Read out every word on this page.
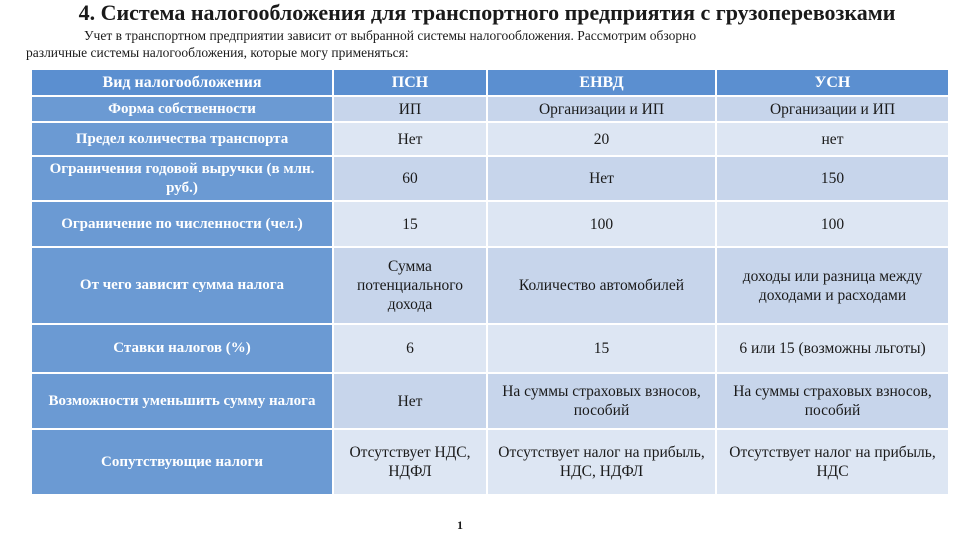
4. Система налогообложения для транспортного предприятия с грузоперевозками
Учет в транспортном предприятии зависит от выбранной системы налогообложения. Рассмотрим обзорно
различные системы налогообложения, которые могу применяться:
Вид налогообложения	ПСН	ЕНВД	УСН
Форма собственности	ИП	Организации и ИП	Организации и ИП
Предел количества транспорта	Нет	20	нет
Ограничения годовой выручки (в млн. руб.)	60	Нет	150
Ограничение по численности (чел.)	15	100	100
От чего зависит сумма налога	Сумма потенциального дохода	Количество автомобилей	доходы или разница между доходами и расходами
Ставки налогов (%)	6	15	6 или 15 (возможны льготы)
Возможности уменьшить сумму налога	Нет	На суммы страховых взносов, пособий	На суммы страховых взносов, пособий
Сопутствующие налоги	Отсутствует НДС, НДФЛ	Отсутствует налог на прибыль, НДС, НДФЛ	Отсутствует налог на прибыль, НДС
1
